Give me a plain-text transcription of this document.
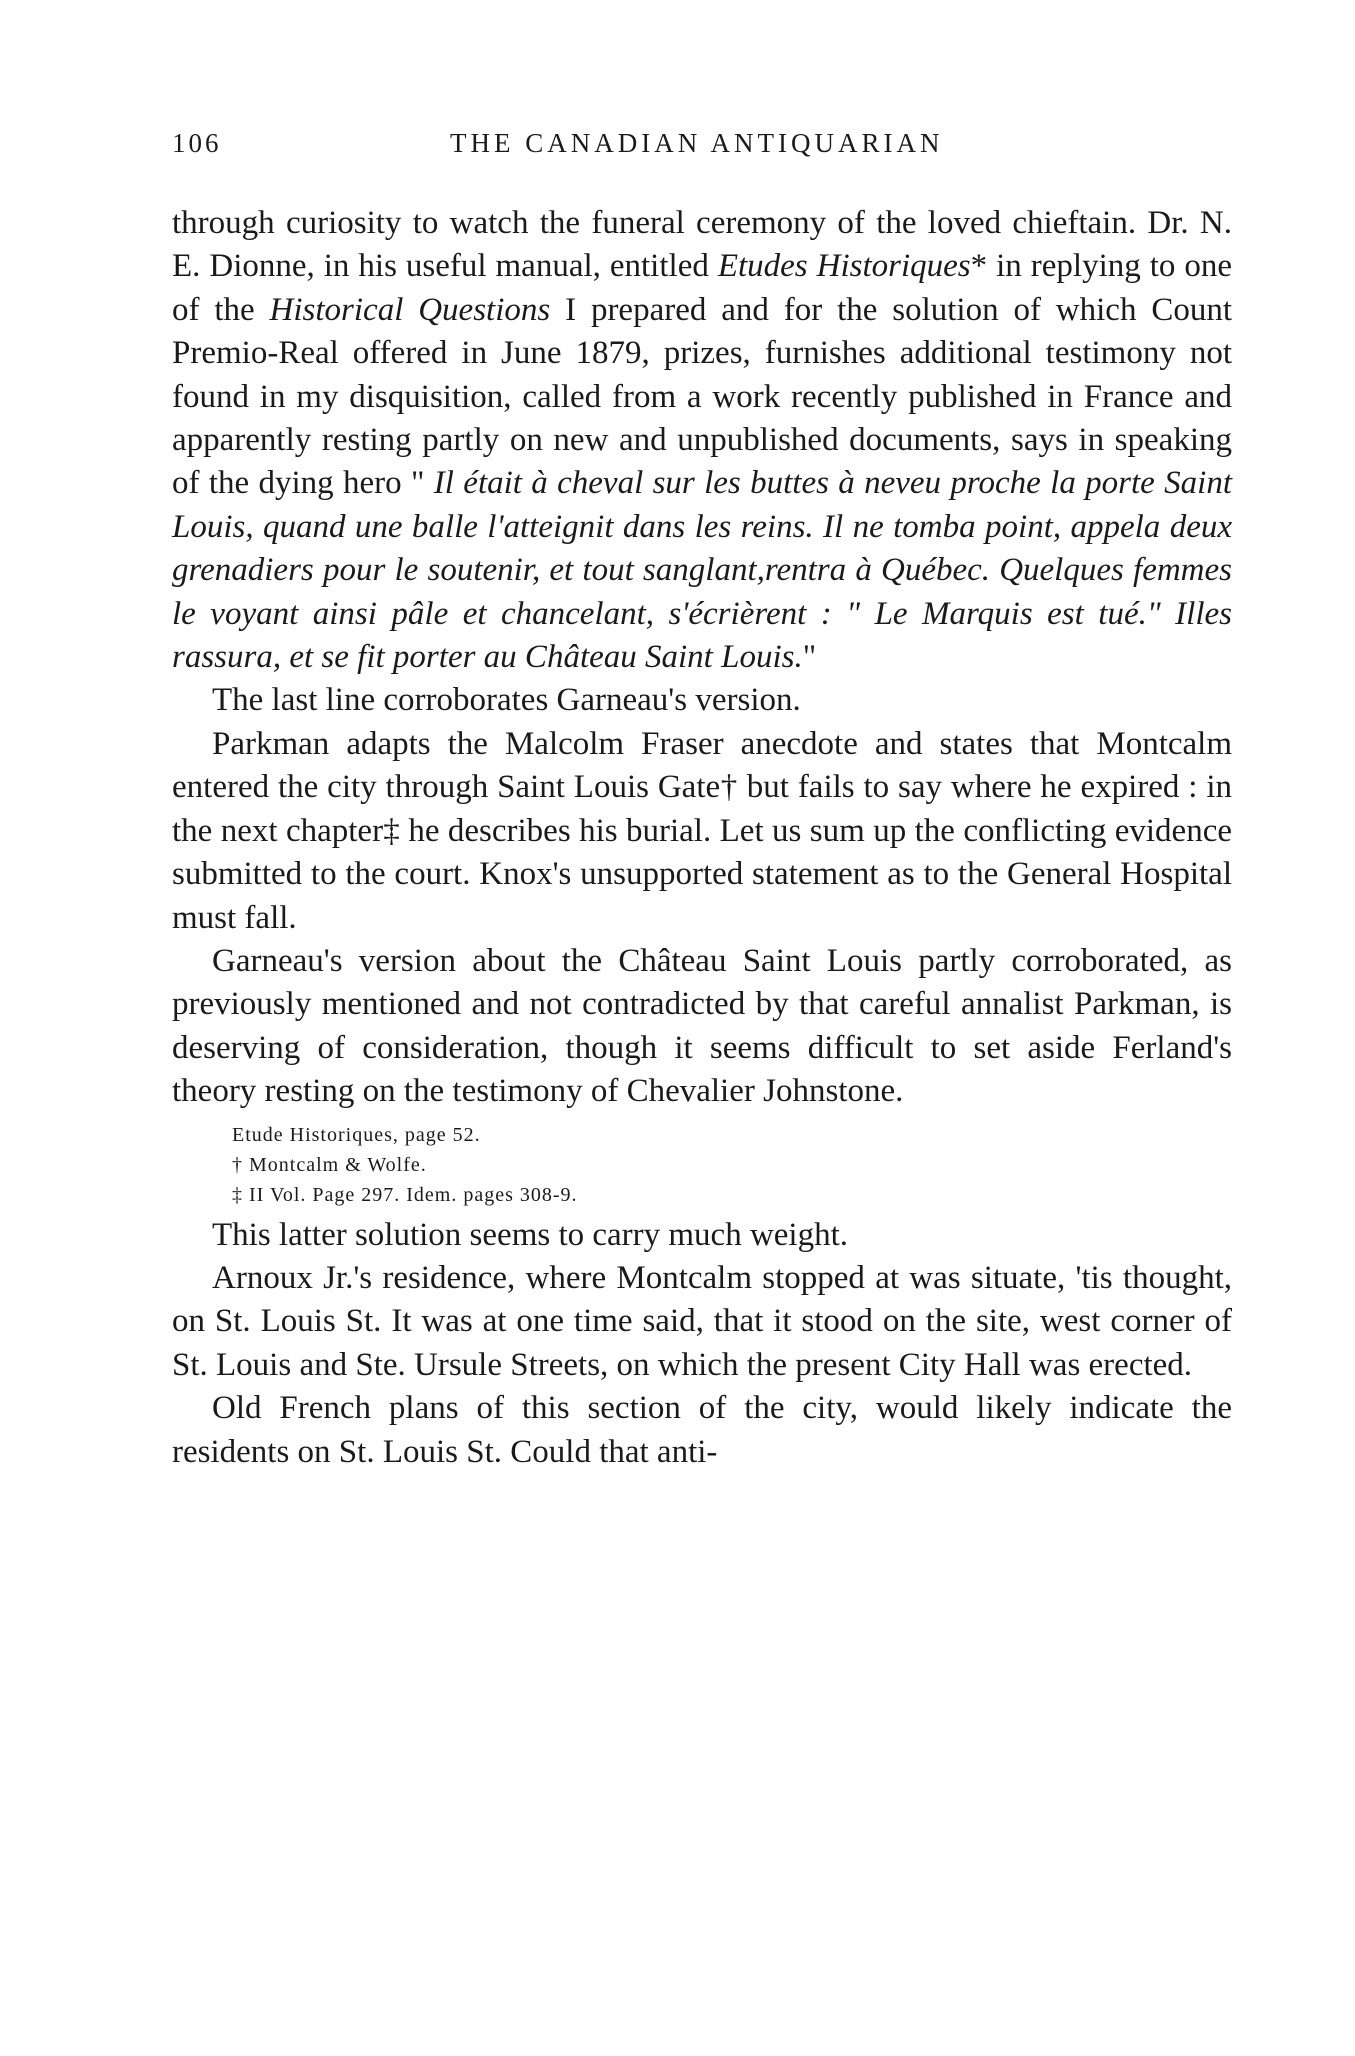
106	THE CANADIAN ANTIQUARIAN

through curiosity to watch the funeral ceremony of the loved chieftain. Dr. N. E. Dionne, in his useful manual, entitled Etudes Historiques* in replying to one of the Historical Questions I prepared and for the solution of which Count Premio-Real offered in June 1879, prizes, furnishes additional testimony not found in my disquisition, called from a work recently published in France and apparently resting partly on new and unpublished documents, says in speaking of the dying hero " Il était à cheval sur les buttes à neveu proche la porte Saint Louis, quand une balle l'atteignit dans les reins. Il ne tomba point, appela deux grenadiers pour le soutenir, et tout sanglant,rentra à Québec. Quelques femmes le voyant ainsi pâle et chancelant, s'écrièrent : " Le Marquis est tué." Illes rassura, et se fit porter au Château Saint Louis."

The last line corroborates Garneau's version.

Parkman adapts the Malcolm Fraser anecdote and states that Montcalm entered the city through Saint Louis Gate† but fails to say where he expired : in the next chapter‡ he describes his burial. Let us sum up the conflicting evidence submitted to the court. Knox's unsupported statement as to the General Hospital must fall.

Garneau's version about the Château Saint Louis partly corroborated, as previously mentioned and not contradicted by that careful annalist Parkman, is deserving of consideration, though it seems difficult to set aside Ferland's theory resting on the testimony of Chevalier Johnstone.

Etude Historiques, page 52.
† Montcalm & Wolfe.
‡ II Vol. Page 297. Idem. pages 308-9.

This latter solution seems to carry much weight.

Arnoux Jr.'s residence, where Montcalm stopped at was situate, 'tis thought, on St. Louis St. It was at one time said, that it stood on the site, west corner of St. Louis and Ste. Ursule Streets, on which the present City Hall was erected.

Old French plans of this section of the city, would likely indicate the residents on St. Louis St. Could that anti-
